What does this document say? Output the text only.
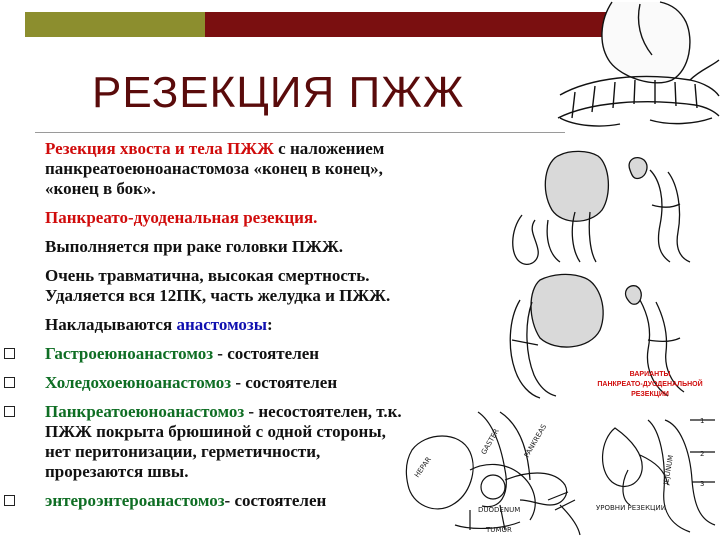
РЕЗЕКЦИЯ ПЖЖ

Резекция хвоста и тела ПЖЖ с наложением панкреатоеюноанастомоза «конец в конец», «конец в бок».

Панкреато-дуоденальная резекция.

Выполняется при раке головки ПЖЖ.

Очень травматична, высокая смертность. Удаляется вся 12ПК, часть желудка и ПЖЖ.

Накладываются анастомозы:

Гастроеюноанастомоз - состоятелен
Холедохоеюноанастомоз - состоятелен
Панкреатоеюноанастомоз - несостоятелен, т.к. ПЖЖ покрыта брюшиной с одной стороны, нет перитонизации, герметичности, прорезаются швы.
энтероэнтероанастомоз- состоятелен
ВАРИАНТЫ
ПАНКРЕАТО-ДУОДЕНАЛЬНОЙ
РЕЗЕКЦИИ
HEPAR
GASTER	PANKREAS
DUODENUM
TUMOR
JEJUNUM
УРОВНИ РЕЗЕКЦИИ
1
2
3
